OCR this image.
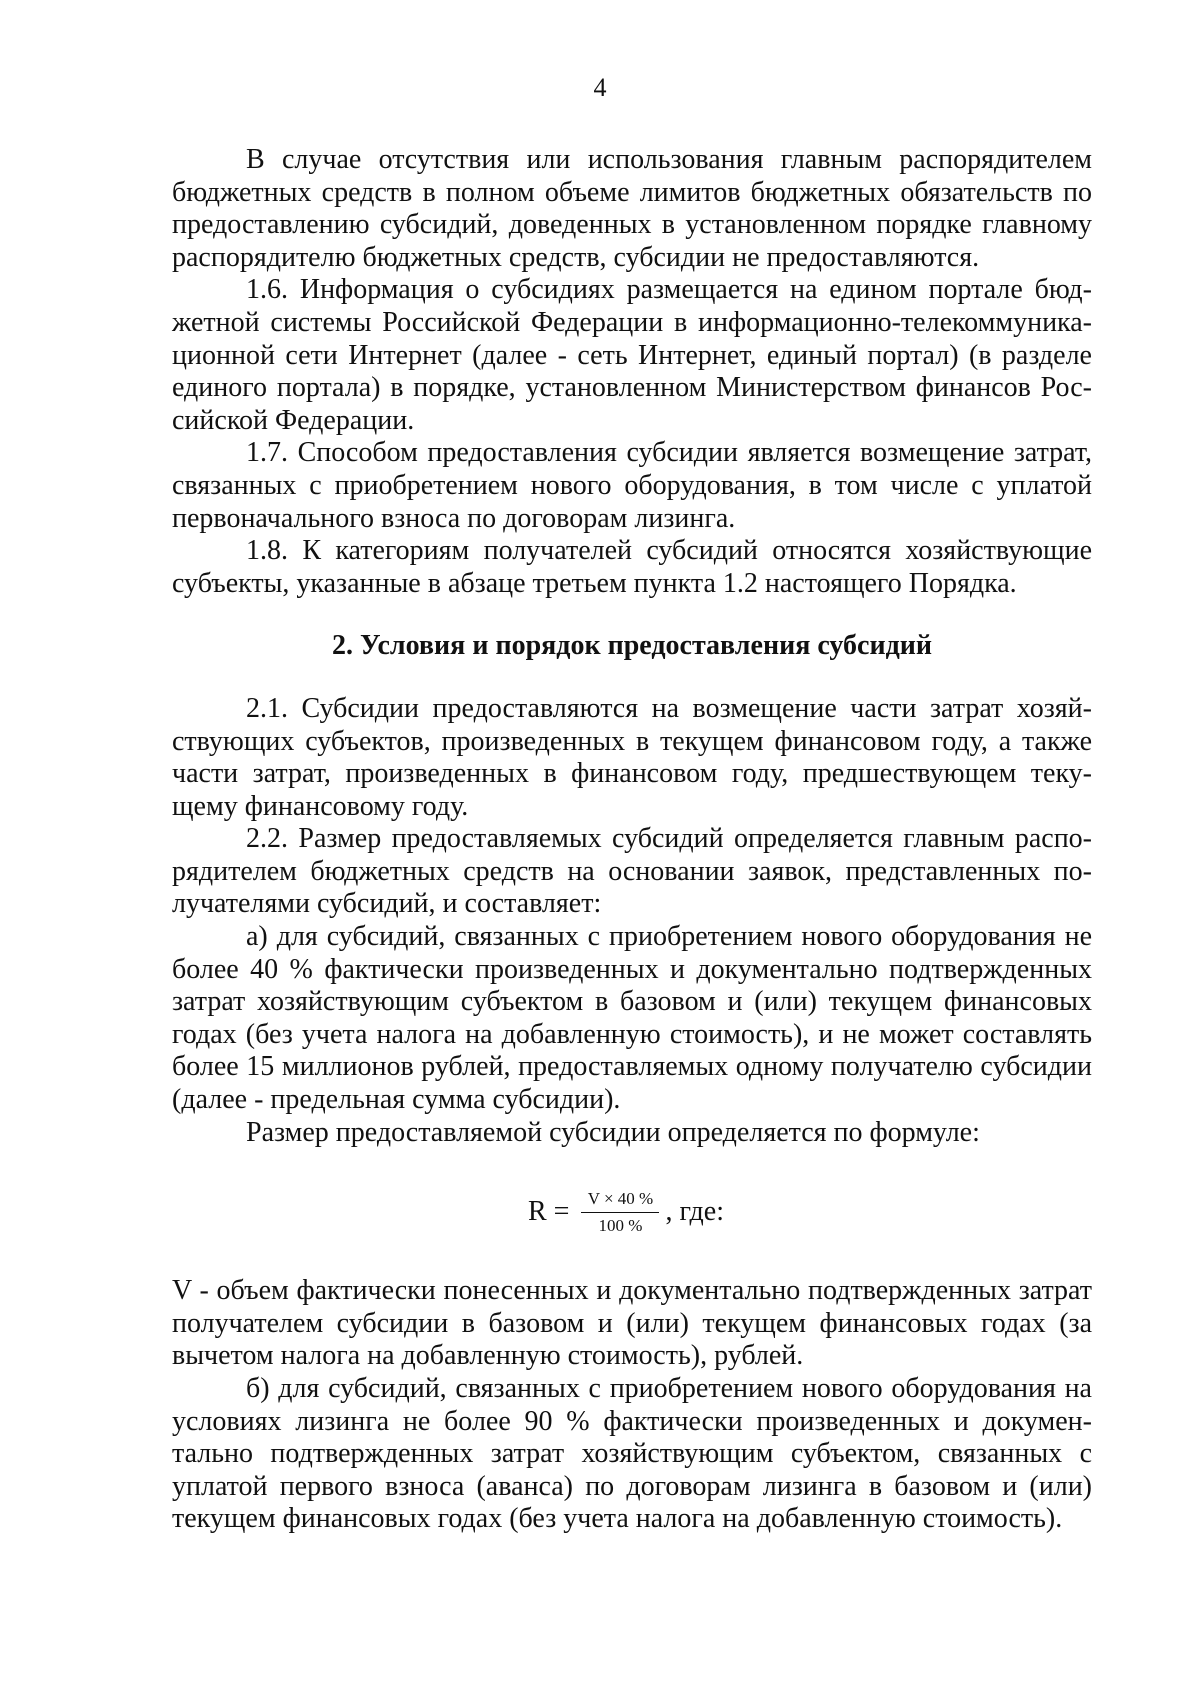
4

В случае отсутствия или использования главным распорядителем бюджетных средств в полном объеме лимитов бюджетных обязательств по предоставлению субсидий, доведенных в установленном порядке главному распорядителю бюджетных средств, субсидии не предоставляются.

1.6. Информация о субсидиях размещается на едином портале бюджетной системы Российской Федерации в информационно-телекоммуникационной сети Интернет (далее - сеть Интернет, единый портал) (в разделе единого портала) в порядке, установленном Министерством финансов Российской Федерации.

1.7. Способом предоставления субсидии является возмещение затрат, связанных с приобретением нового оборудования, в том числе с уплатой первоначального взноса по договорам лизинга.

1.8. К категориям получателей субсидий относятся хозяйствующие субъекты, указанные в абзаце третьем пункта 1.2 настоящего Порядка.

2. Условия и порядок предоставления субсидий

2.1. Субсидии предоставляются на возмещение части затрат хозяйствующих субъектов, произведенных в текущем финансовом году, а также части затрат, произведенных в финансовом году, предшествующем текущему финансовому году.

2.2. Размер предоставляемых субсидий определяется главным распорядителем бюджетных средств на основании заявок, представленных получателями субсидий, и составляет:

а) для субсидий, связанных с приобретением нового оборудования не более 40 % фактически произведенных и документально подтвержденных затрат хозяйствующим субъектом в базовом и (или) текущем финансовых годах (без учета налога на добавленную стоимость), и не может составлять более 15 миллионов рублей, предоставляемых одному получателю субсидии (далее - предельная сумма субсидии).

Размер предоставляемой субсидии определяется по формуле:

$R = \frac{V \times 40 \%}{100 \%}$ , где:

V - объем фактически понесенных и документально подтвержденных затрат получателем субсидии в базовом и (или) текущем финансовых годах (за вычетом налога на добавленную стоимость), рублей.

б) для субсидий, связанных с приобретением нового оборудования на условиях лизинга не более 90 % фактически произведенных и документально подтвержденных затрат хозяйствующим субъектом, связанных с уплатой первого взноса (аванса) по договорам лизинга в базовом и (или) текущем финансовых годах (без учета налога на добавленную стоимость).
